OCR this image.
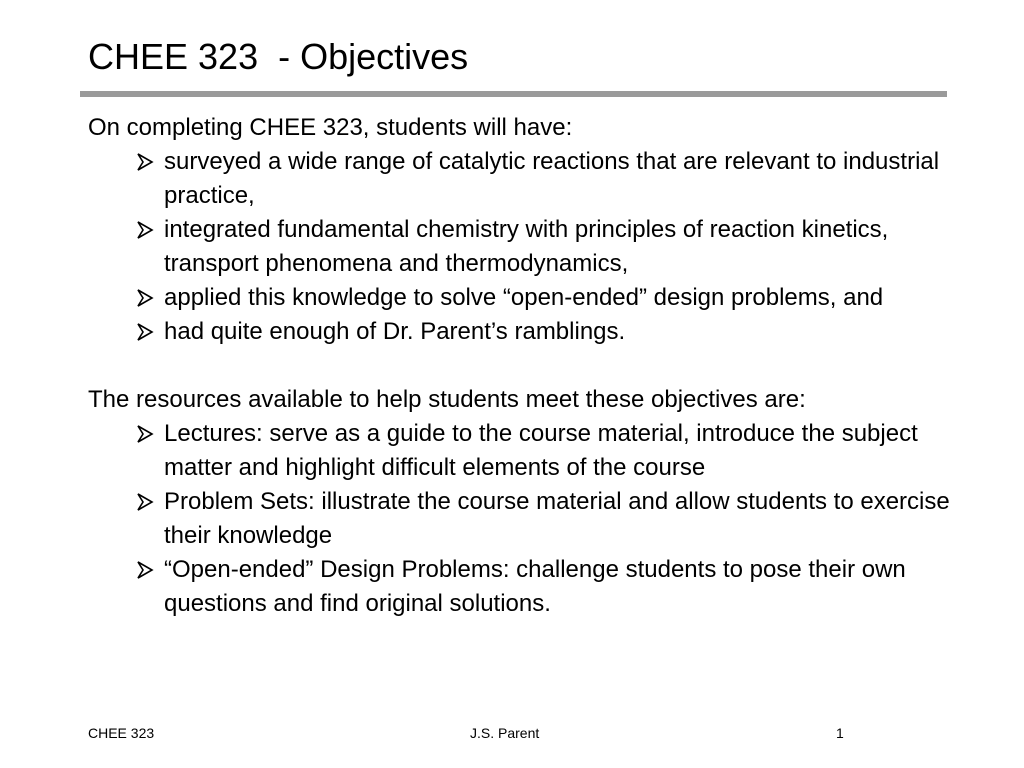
CHEE 323  - Objectives

On completing CHEE 323, students will have:

surveyed a wide range of catalytic reactions that are relevant to industrial practice,
integrated fundamental chemistry with principles of reaction kinetics, transport phenomena and thermodynamics,
applied this knowledge to solve “open-ended” design problems, and
had quite enough of Dr. Parent’s ramblings.

The resources available to help students meet these objectives are:

Lectures: serve as a guide to the course material, introduce the subject matter and highlight difficult elements of the course
Problem Sets: illustrate the course material and allow students to exercise their knowledge
“Open-ended” Design Problems: challenge students to pose their own questions and find original solutions.
CHEE 323	J.S. Parent	1
